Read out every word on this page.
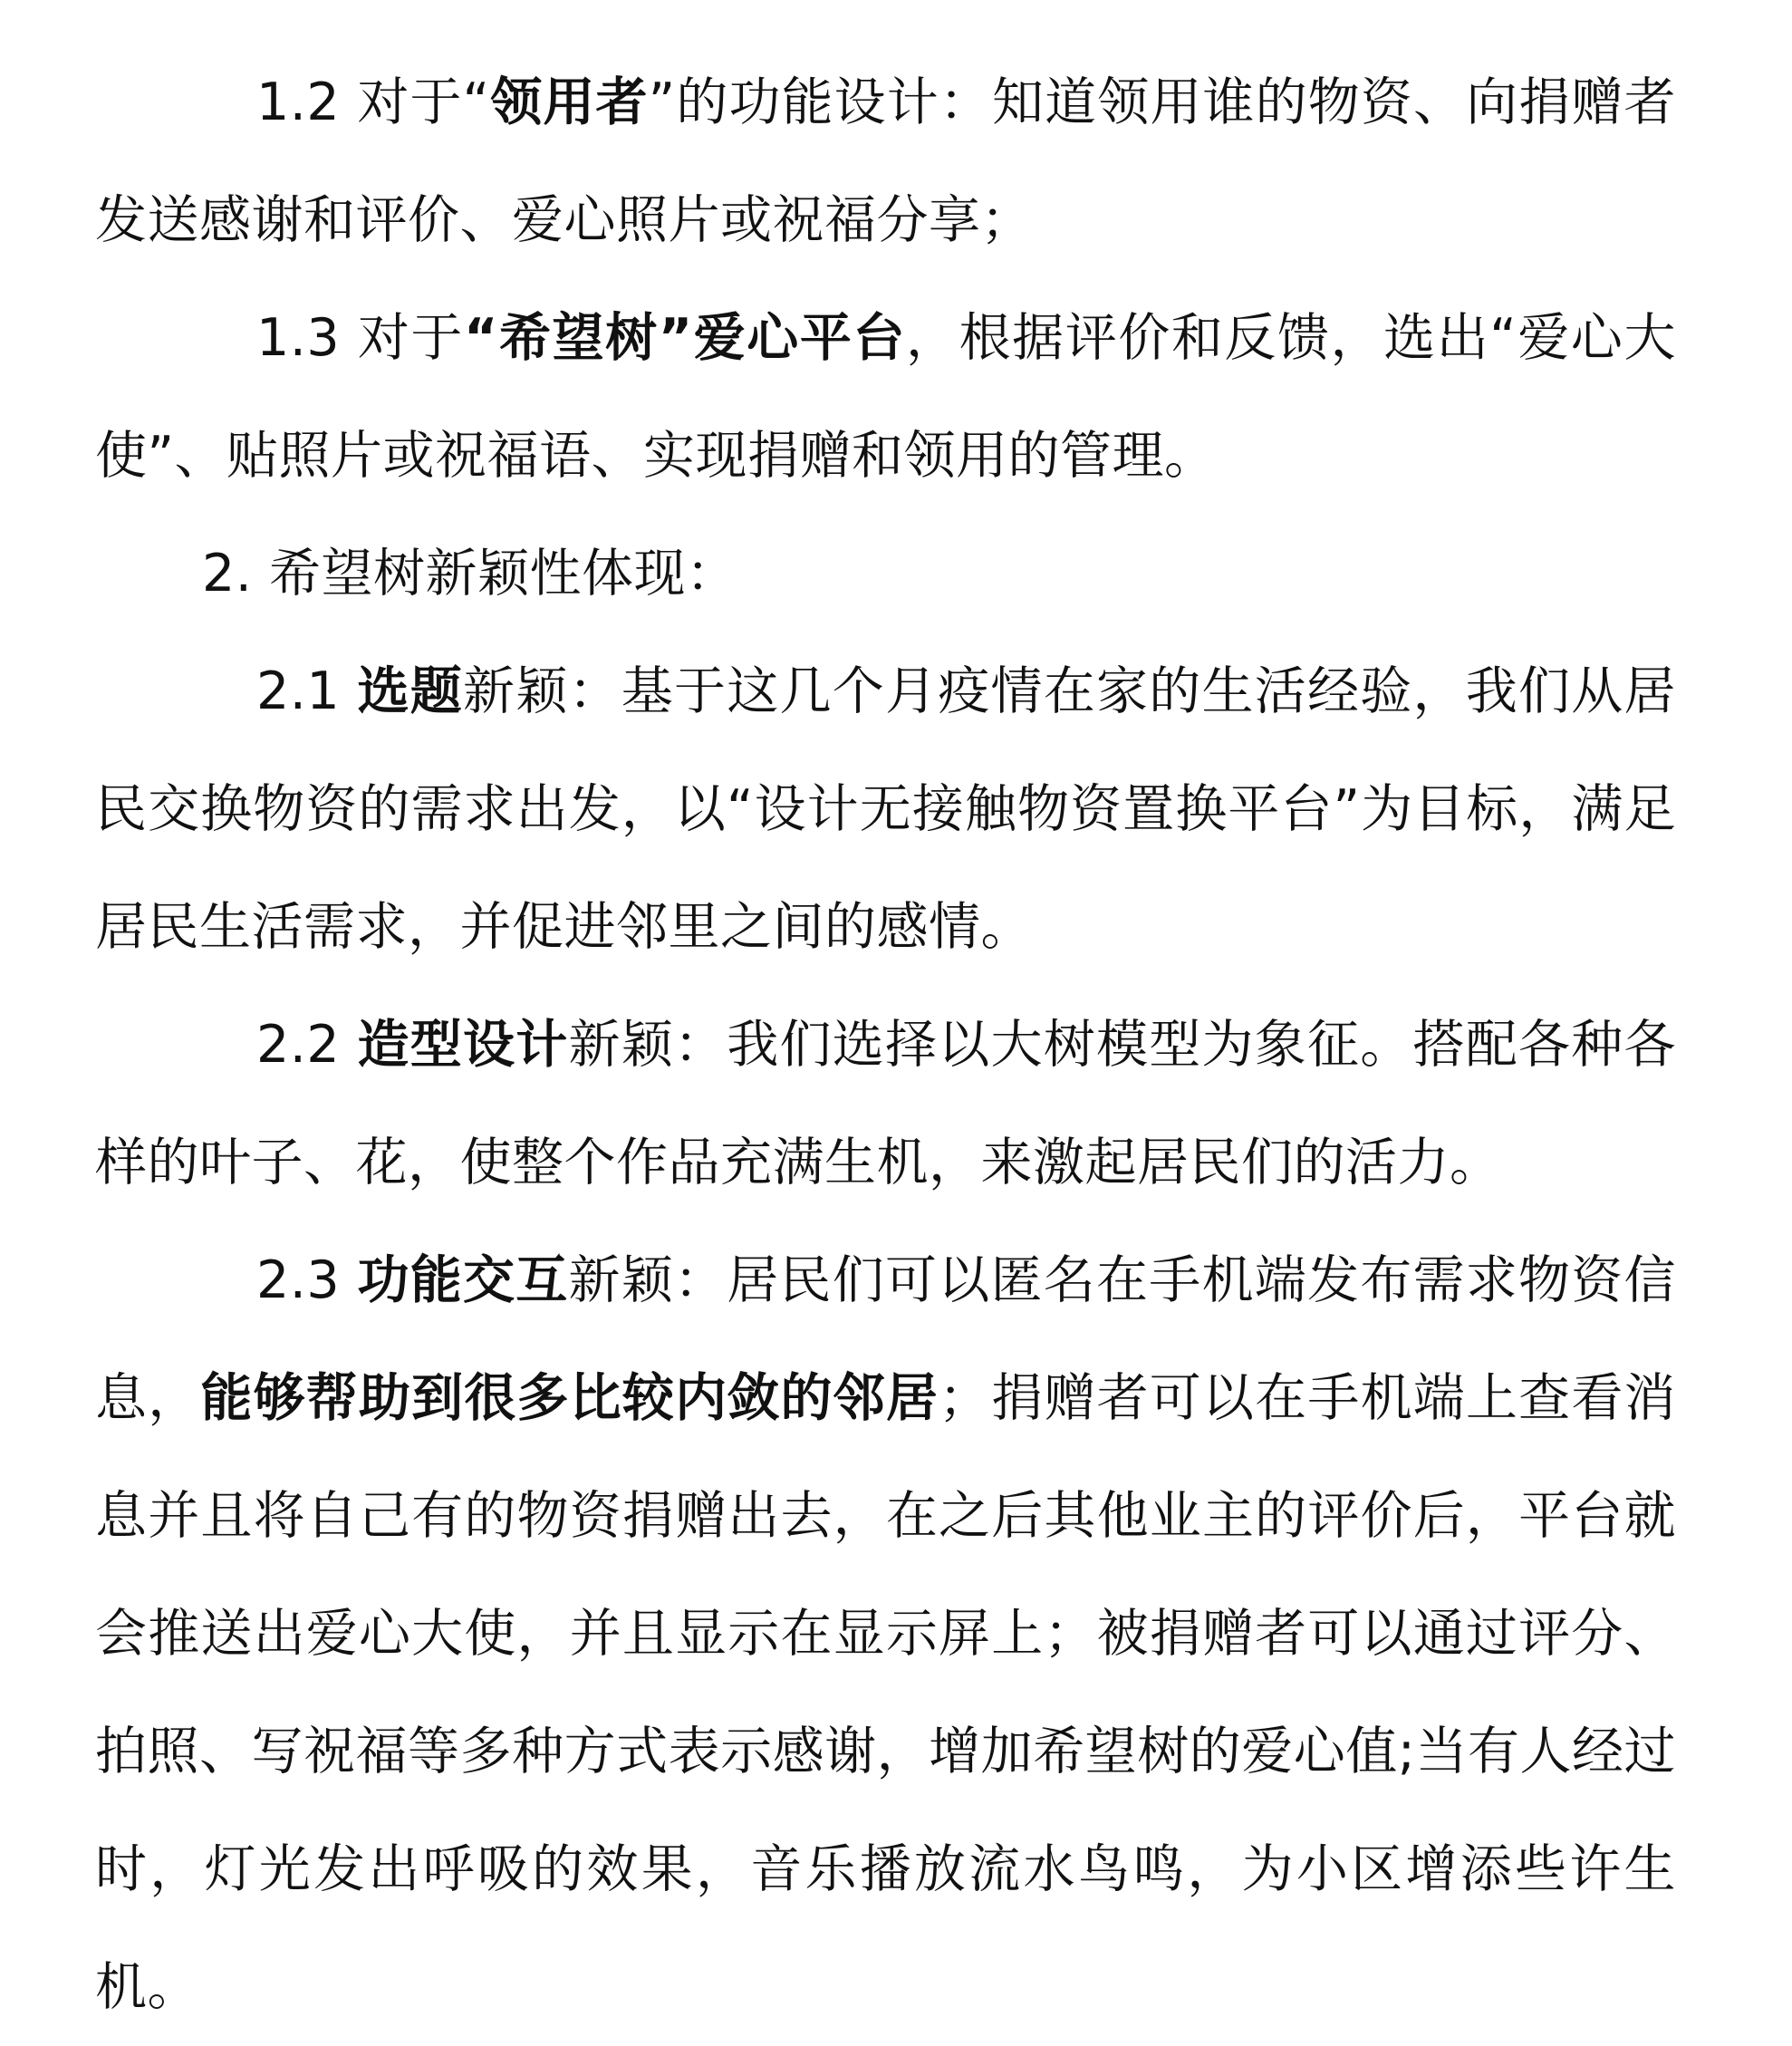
1.2 对于“领用者”的功能设计：知道领用谁的物资、向捐赠者发送感谢和评价、爱心照片或祝福分享；

1.3 对于“希望树”爱心平台，根据评价和反馈，选出“爱心大使”、贴照片或祝福语、实现捐赠和领用的管理。

2. 希望树新颖性体现：

2.1 选题新颖：基于这几个月疫情在家的生活经验，我们从居民交换物资的需求出发，以“设计无接触物资置换平台”为目标，满足居民生活需求，并促进邻里之间的感情。

2.2 造型设计新颖：我们选择以大树模型为象征。搭配各种各样的叶子、花，使整个作品充满生机，来激起居民们的活力。

2.3 功能交互新颖：居民们可以匿名在手机端发布需求物资信息，能够帮助到很多比较内敛的邻居；捐赠者可以在手机端上查看消息并且将自己有的物资捐赠出去，在之后其他业主的评价后，平台就会推送出爱心大使，并且显示在显示屏上；被捐赠者可以通过评分、拍照、写祝福等多种方式表示感谢，增加希望树的爱心值;当有人经过时，灯光发出呼吸的效果，音乐播放流水鸟鸣，为小区增添些许生机。
